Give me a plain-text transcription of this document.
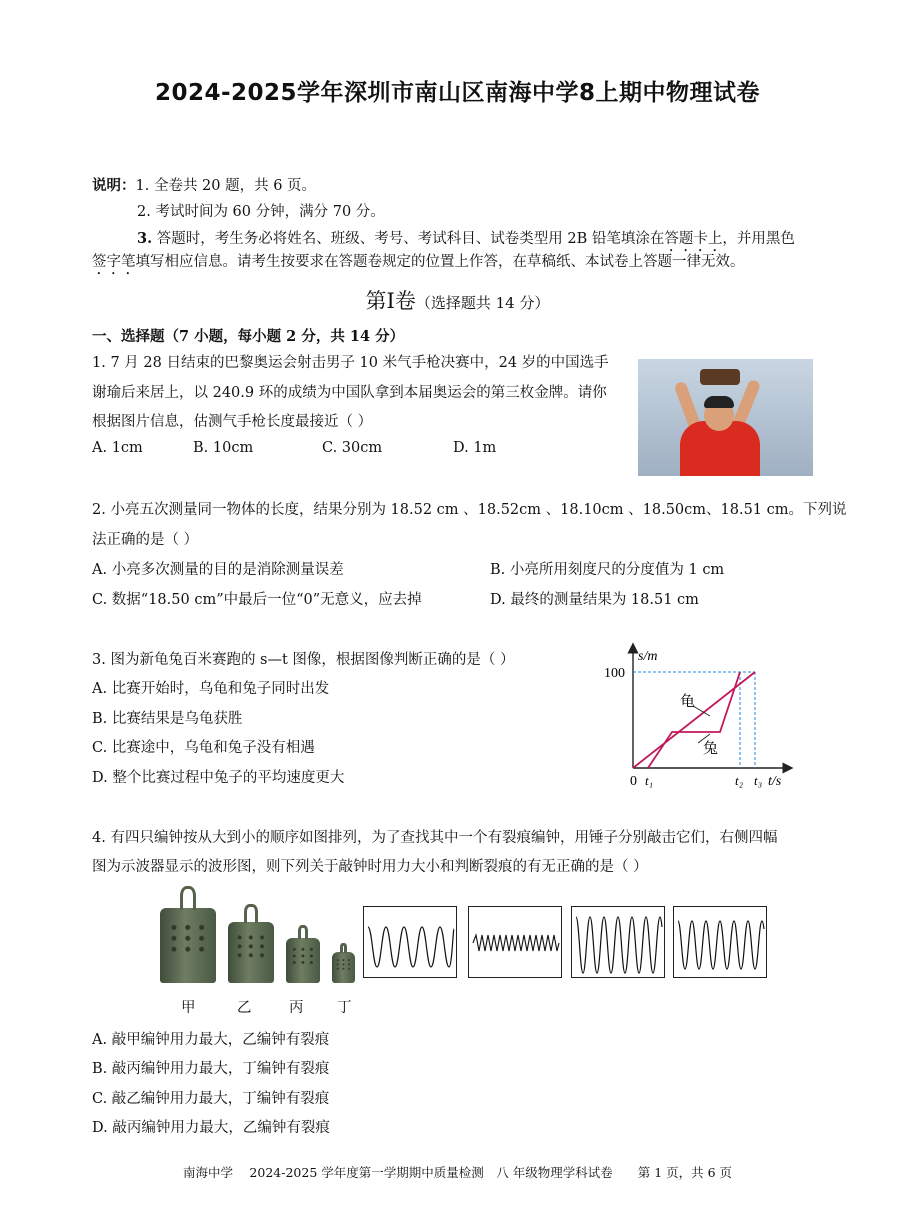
2024-2025学年深圳市南山区南海中学8上期中物理试卷
说明：1. 全卷共 20 题，共 6 页。
2. 考试时间为 60 分钟，满分 70 分。
3. 答题时，考生务必将姓名、班级、考号、考试科目、试卷类型用 2B 铅笔填涂在答题卡上，并用黑色
签字笔填写相应信息。请考生按要求在答题卷规定的位置上作答，在草稿纸、本试卷上答题一律无效。
第Ⅰ卷（选择题共 14 分）
一、选择题（7 小题，每小题 2 分，共 14 分）
1. 7 月 28 日结束的巴黎奥运会射击男子 10 米气手枪决赛中，24 岁的中国选手
谢瑜后来居上，以 240.9 环的成绩为中国队拿到本届奥运会的第三枚金牌。请你
根据图片信息，估测气手枪长度最接近（ ）
A. 1cm	B. 10cm	C. 30cm	D. 1m
2. 小亮五次测量同一物体的长度，结果分别为 18.52 cm 、18.52cm 、18.10cm 、18.50cm、18.51 cm。下列说
法正确的是（ ）
A. 小亮多次测量的目的是消除测量误差	B. 小亮所用刻度尺的分度值为 1 cm
C. 数据“18.50 cm”中最后一位“0”无意义，应去掉	D. 最终的测量结果为 18.51 cm
3. 图为新龟兔百米赛跑的 s—t 图像，根据图像判断正确的是（ ）
A. 比赛开始时，乌龟和兔子同时出发
B. 比赛结果是乌龟获胜
C. 比赛途中，乌龟和兔子没有相遇
D. 整个比赛过程中兔子的平均速度更大
s/m
100
0 t₁	t₂ t₃ t/s
龟
兔
4. 有四只编钟按从大到小的顺序如图排列，为了查找其中一个有裂痕编钟，用锤子分别敲击它们，右侧四幅
图为示波器显示的波形图，则下列关于敲钟时用力大小和判断裂痕的有无正确的是（ ）
甲	乙	丙 丁
A. 敲甲编钟用力最大，乙编钟有裂痕
B. 敲丙编钟用力最大，丁编钟有裂痕
C. 敲乙编钟用力最大，丁编钟有裂痕
D. 敲丙编钟用力最大，乙编钟有裂痕
南海中学　 2024-2025 学年度第一学期期中质量检测　八 年级物理学科试卷　　第 1 页，共 6 页
